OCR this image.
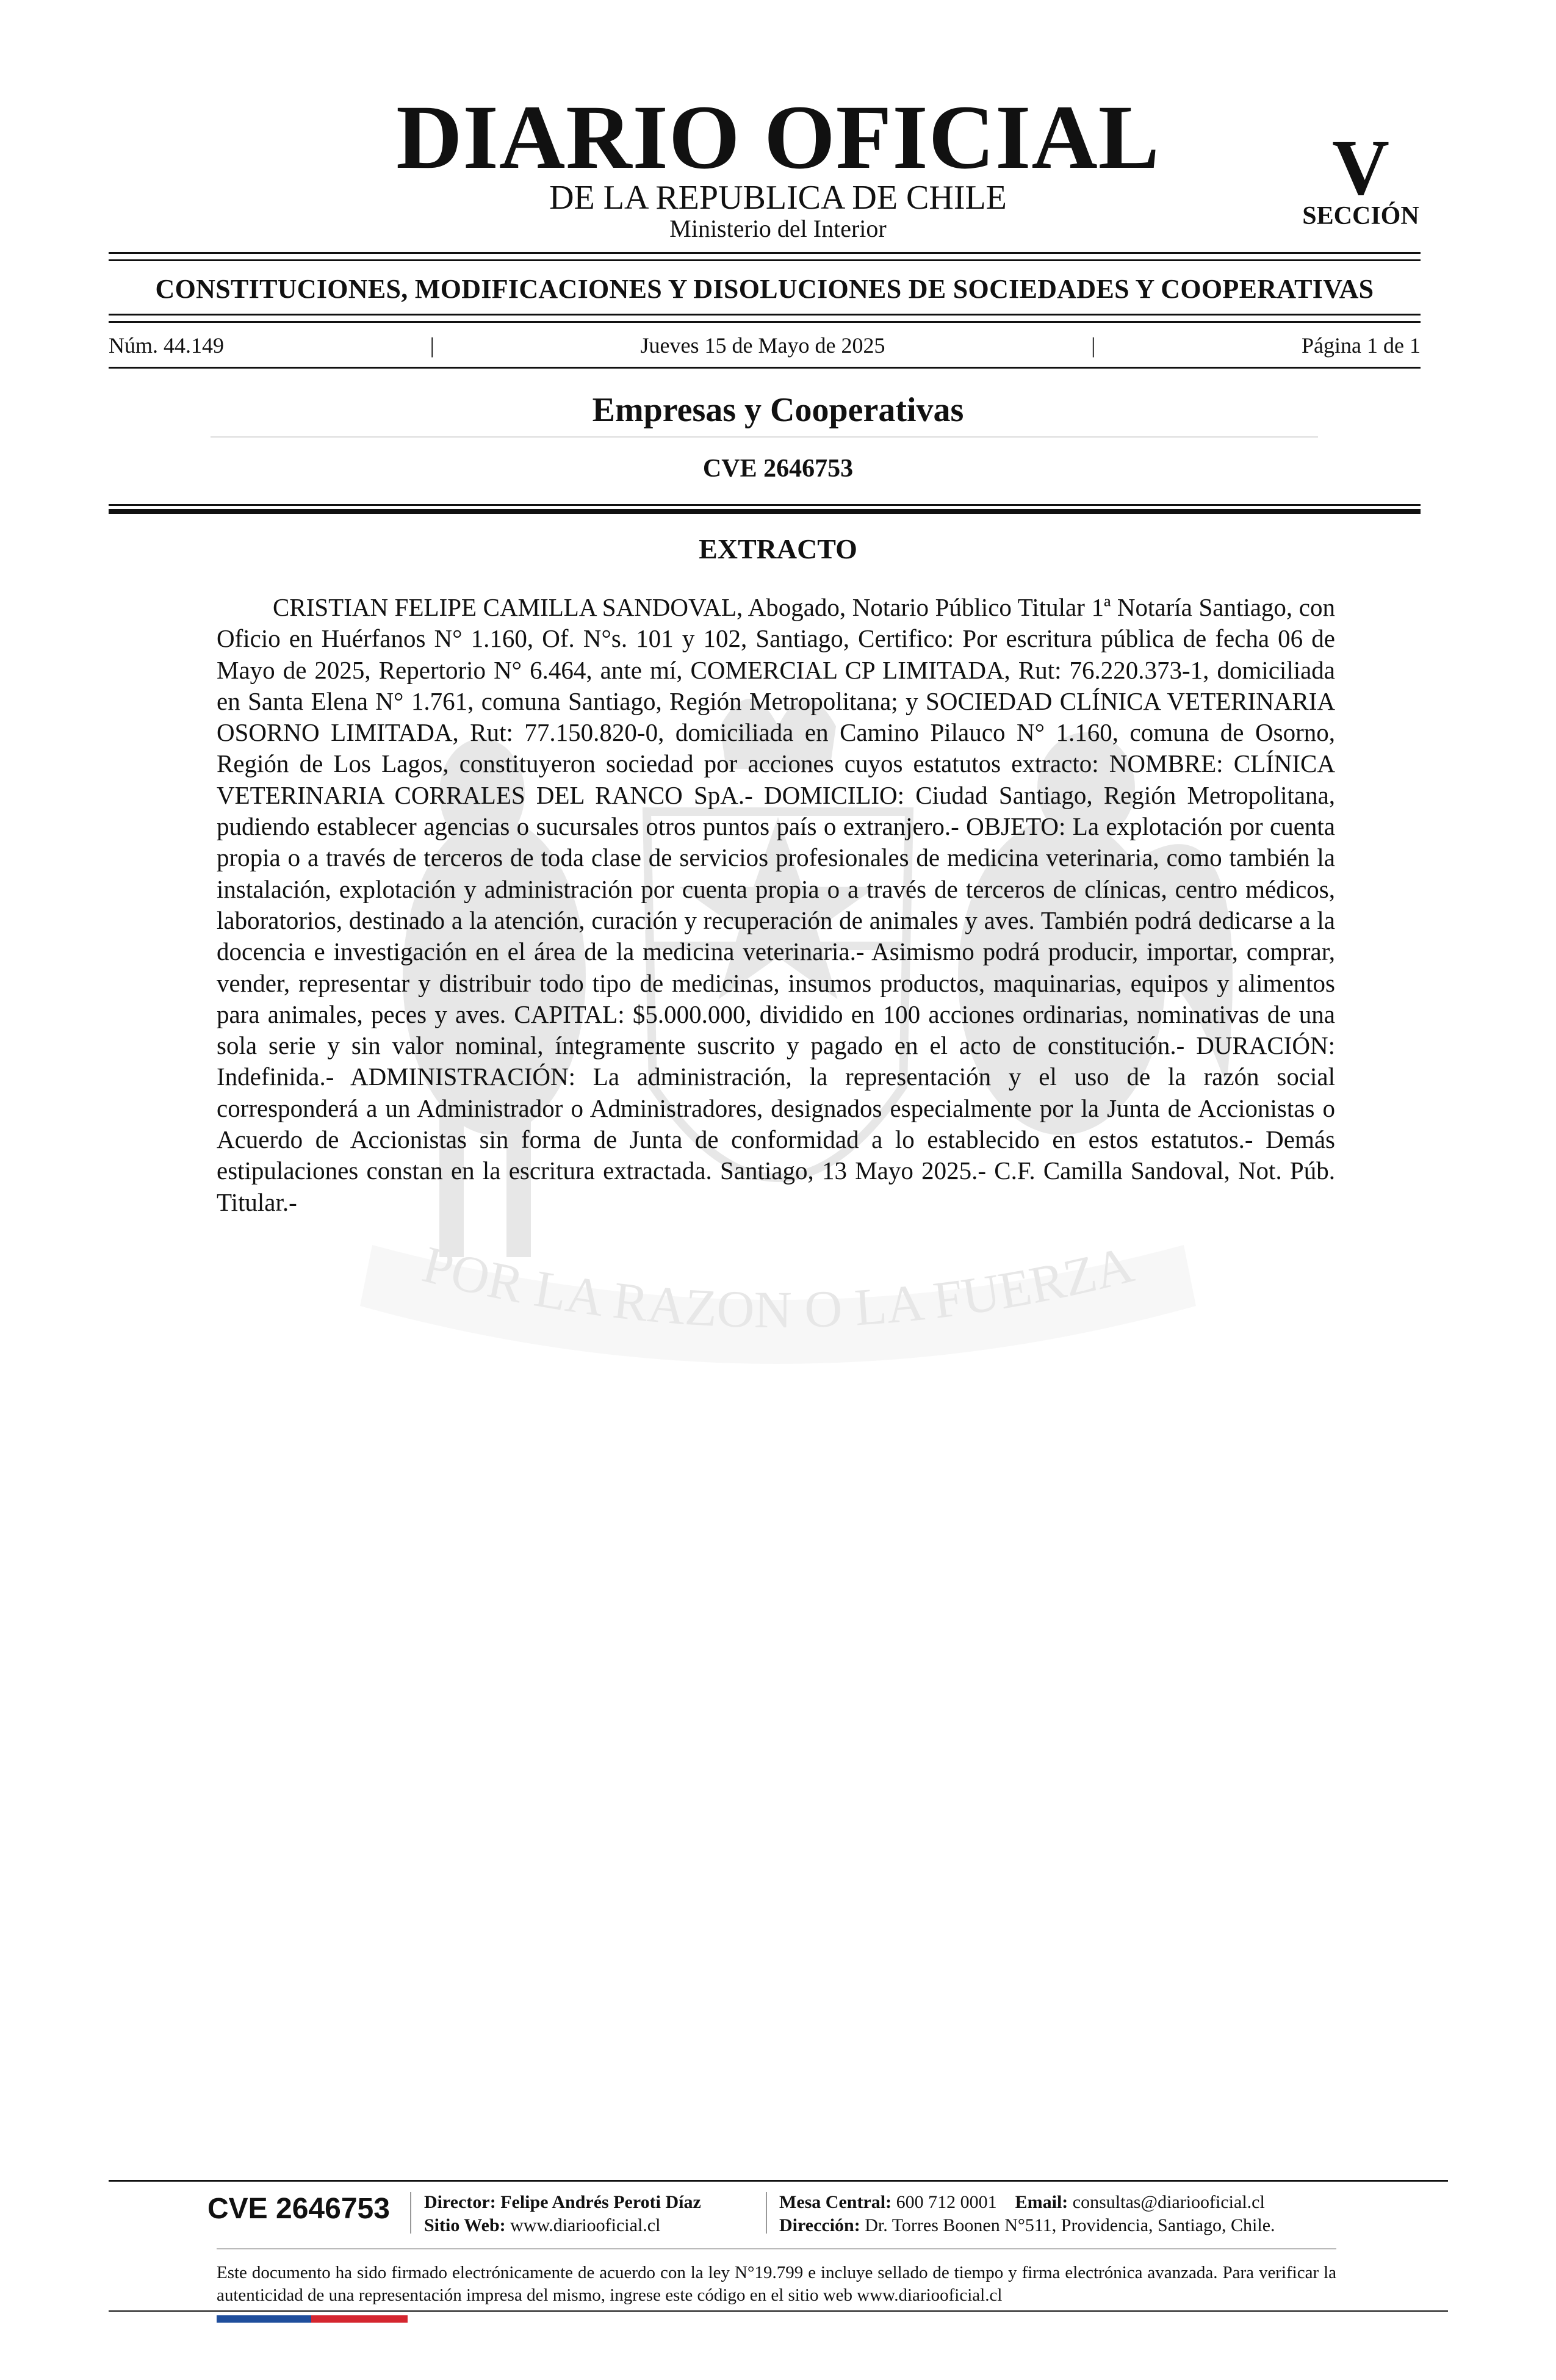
POR LA RAZON O LA FUERZA
DIARIO OFICIAL
DE LA REPUBLICA DE CHILE
Ministerio del Interior
V
SECCIÓN
CONSTITUCIONES, MODIFICACIONES Y DISOLUCIONES DE SOCIEDADES Y COOPERATIVAS
Núm. 44.149	|	Jueves 15 de Mayo de 2025	|	Página 1 de 1
Empresas y Cooperativas
CVE 2646753
EXTRACTO

CRISTIAN FELIPE CAMILLA SANDOVAL, Abogado, Notario Público Titular 1ª Notaría Santiago, con Oficio en Huérfanos N° 1.160, Of. N°s. 101 y 102, Santiago, Certifico: Por escritura pública de fecha 06 de Mayo de 2025, Repertorio N° 6.464, ante mí, COMERCIAL CP LIMITADA, Rut: 76.220.373-1, domiciliada en Santa Elena N° 1.761, comuna Santiago, Región Metropolitana; y SOCIEDAD CLÍNICA VETERINARIA OSORNO LIMITADA, Rut: 77.150.820-0, domiciliada en Camino Pilauco N° 1.160, comuna de Osorno, Región de Los Lagos, constituyeron sociedad por acciones cuyos estatutos extracto: NOMBRE: CLÍNICA VETERINARIA CORRALES DEL RANCO SpA.- DOMICILIO: Ciudad Santiago, Región Metropolitana, pudiendo establecer agencias o sucursales otros puntos país o extranjero.- OBJETO: La explotación por cuenta propia o a través de terceros de toda clase de servicios profesionales de medicina veterinaria, como también la instalación, explotación y administración por cuenta propia o a través de terceros de clínicas, centro médicos, laboratorios, destinado a la atención, curación y recuperación de animales y aves. También podrá dedicarse a la docencia e investigación en el área de la medicina veterinaria.- Asimismo podrá producir, importar, comprar, vender, representar y distribuir todo tipo de medicinas, insumos productos, maquinarias, equipos y alimentos para animales, peces y aves. CAPITAL: $5.000.000, dividido en 100 acciones ordinarias, nominativas de una sola serie y sin valor nominal, íntegramente suscrito y pagado en el acto de constitución.- DURACIÓN: Indefinida.- ADMINISTRACIÓN: La administración, la representación y el uso de la razón social corresponderá a un Administrador o Administradores, designados especialmente por la Junta de Accionistas o Acuerdo de Accionistas sin forma de Junta de conformidad a lo establecido en estos estatutos.- Demás estipulaciones constan en la escritura extractada. Santiago, 13 Mayo 2025.- C.F. Camilla Sandoval, Not. Púb. Titular.-

CVE 2646753	Director: Felipe Andrés Peroti Díaz
Sitio Web: www.diariooficial.cl
Mesa Central: 600 712 0001 Email: consultas@diariooficial.cl
Dirección: Dr. Torres Boonen N°511, Providencia, Santiago, Chile.
Este documento ha sido firmado electrónicamente de acuerdo con la ley N°19.799 e incluye sellado de tiempo y firma electrónica avanzada. Para verificar la autenticidad de una representación impresa del mismo, ingrese este código en el sitio web www.diariooficial.cl
